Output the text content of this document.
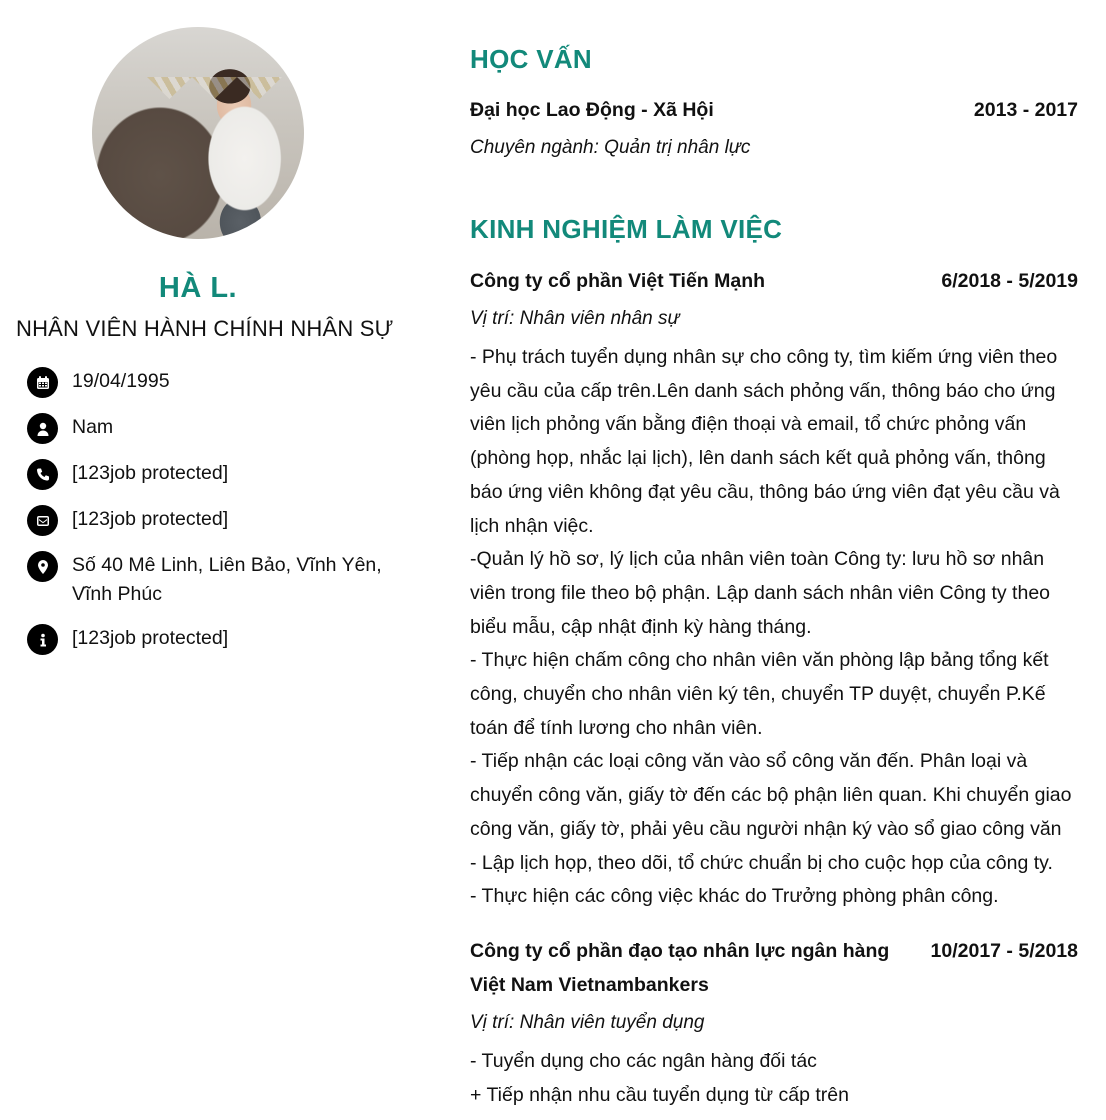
HÀ L.
NHÂN VIÊN HÀNH CHÍNH NHÂN SỰ
19/04/1995
Nam
[123job protected]
[123job protected]
Số 40 Mê Linh, Liên Bảo, Vĩnh Yên, Vĩnh Phúc
[123job protected]
HỌC VẤN
Đại học Lao Động - Xã Hội	2013 - 2017
Chuyên ngành: Quản trị nhân lực
KINH NGHIỆM LÀM VIỆC
Công ty cổ phần Việt Tiến Mạnh	6/2018 - 5/2019
Vị trí: Nhân viên nhân sự

- Phụ trách tuyển dụng nhân sự cho công ty, tìm kiếm ứng viên theo yêu cầu của cấp trên.Lên danh sách phỏng vấn, thông báo cho ứng viên lịch phỏng vấn bằng điện thoại và email, tổ chức phỏng vấn (phòng họp, nhắc lại lịch), lên danh sách kết quả phỏng vấn, thông báo ứng viên không đạt yêu cầu, thông báo ứng viên đạt yêu cầu và lịch nhận việc.

-Quản lý hồ sơ, lý lịch của nhân viên toàn Công ty: lưu hồ sơ nhân viên trong file theo bộ phận. Lập danh sách nhân viên Công ty theo biểu mẫu, cập nhật định kỳ hàng tháng.

- Thực hiện chấm công cho nhân viên văn phòng lập bảng tổng kết công, chuyển cho nhân viên ký tên, chuyển TP duyệt, chuyển P.Kế toán để tính lương cho nhân viên.

- Tiếp nhận các loại công văn vào sổ công văn đến. Phân loại và chuyển công văn, giấy tờ đến các bộ phận liên quan. Khi chuyển giao công văn, giấy tờ, phải yêu cầu người nhận ký vào sổ giao công văn

- Lập lịch họp, theo dõi, tổ chức chuẩn bị cho cuộc họp của công ty.

- Thực hiện các công việc khác do Trưởng phòng phân công.

Công ty cổ phần đạo tạo nhân lực ngân hàng 10/2017 - 5/2018
Việt Nam Vietnambankers
Vị trí: Nhân viên tuyển dụng

- Tuyển dụng cho các ngân hàng đối tác

+ Tiếp nhận nhu cầu tuyển dụng từ cấp trên
